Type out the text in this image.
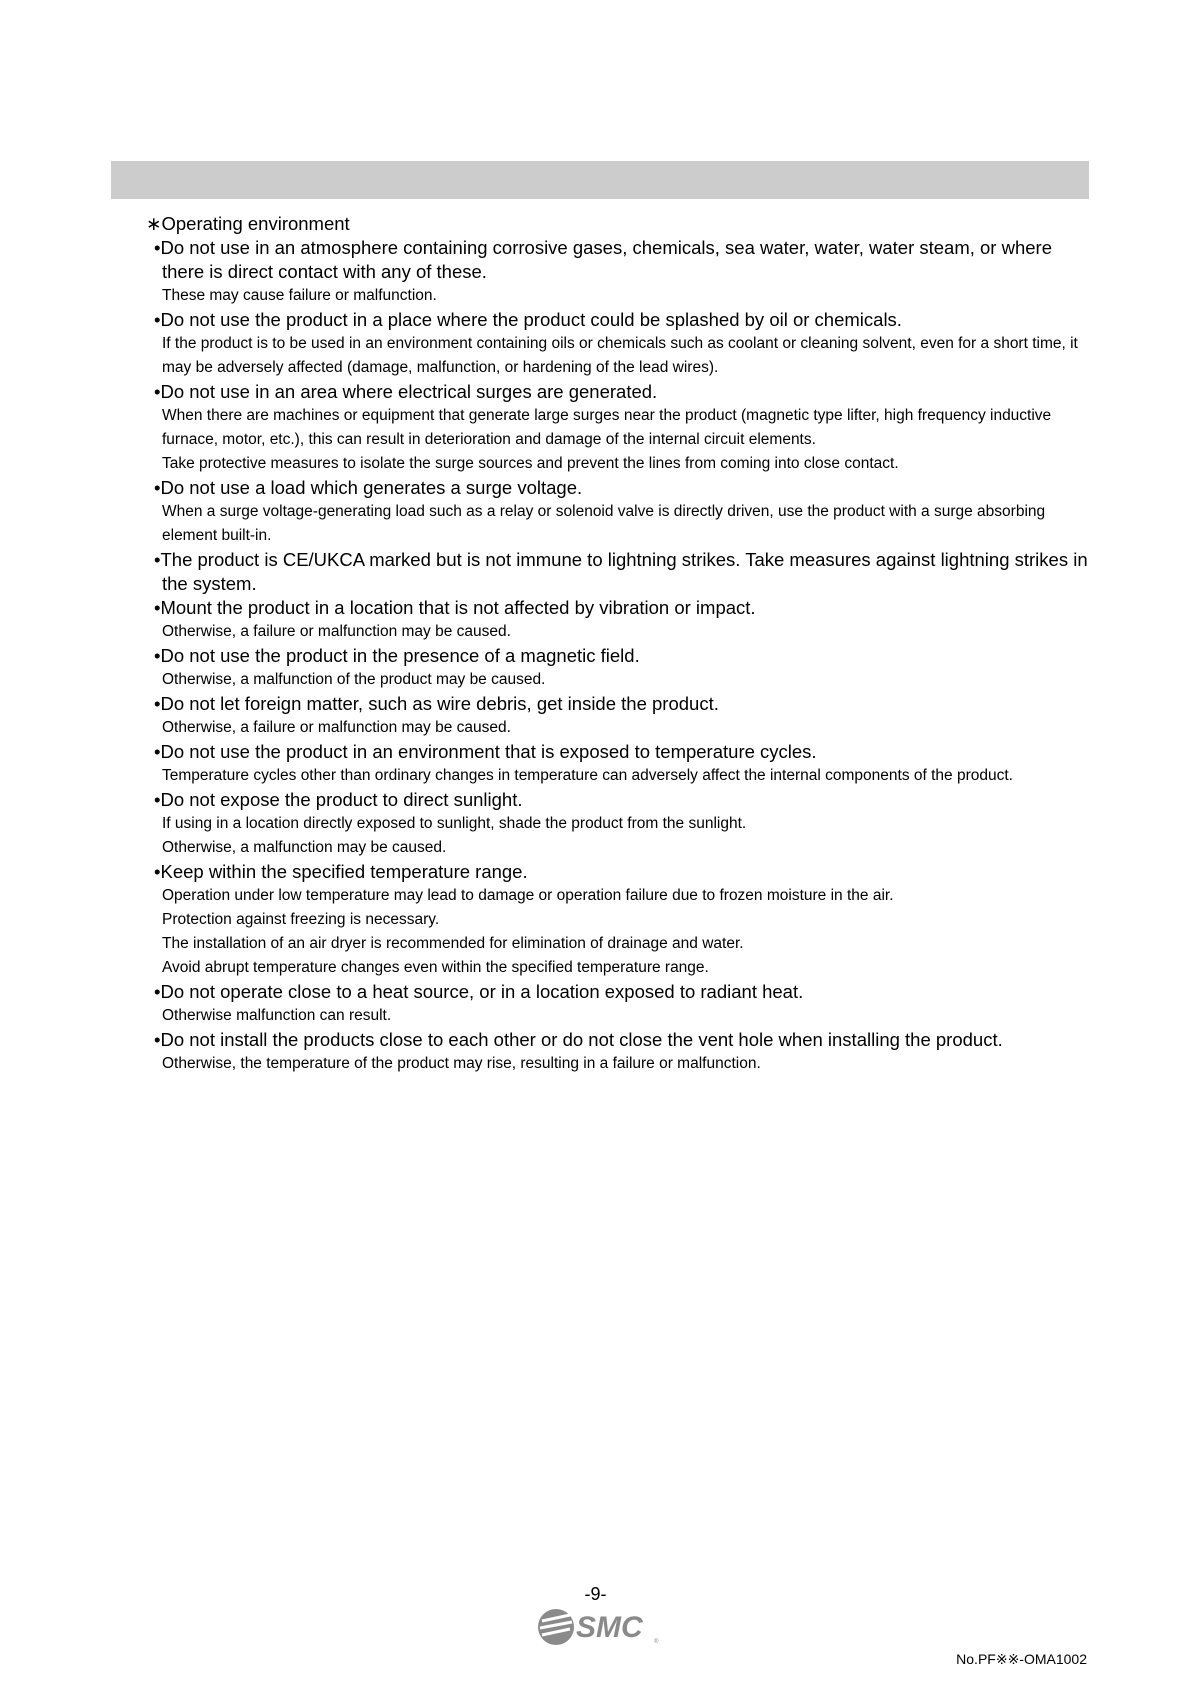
∗Operating environment
•Do not use in an atmosphere containing corrosive gases, chemicals, sea water, water, water steam, or where there is direct contact with any of these.
These may cause failure or malfunction.
•Do not use the product in a place where the product could be splashed by oil or chemicals.
If the product is to be used in an environment containing oils or chemicals such as coolant or cleaning solvent, even for a short time, it may be adversely affected (damage, malfunction, or hardening of the lead wires).
•Do not use in an area where electrical surges are generated.
When there are machines or equipment that generate large surges near the product (magnetic type lifter, high frequency inductive furnace, motor, etc.), this can result in deterioration and damage of the internal circuit elements.
Take protective measures to isolate the surge sources and prevent the lines from coming into close contact.
•Do not use a load which generates a surge voltage.
When a surge voltage-generating load such as a relay or solenoid valve is directly driven, use the product with a surge absorbing element built-in.
•The product is CE/UKCA marked but is not immune to lightning strikes. Take measures against lightning strikes in the system.
•Mount the product in a location that is not affected by vibration or impact.
Otherwise, a failure or malfunction may be caused.
•Do not use the product in the presence of a magnetic field.
Otherwise, a malfunction of the product may be caused.
•Do not let foreign matter, such as wire debris, get inside the product.
Otherwise, a failure or malfunction may be caused.
•Do not use the product in an environment that is exposed to temperature cycles.
Temperature cycles other than ordinary changes in temperature can adversely affect the internal components of the product.
•Do not expose the product to direct sunlight.
If using in a location directly exposed to sunlight, shade the product from the sunlight.
Otherwise, a malfunction may be caused.
•Keep within the specified temperature range.
Operation under low temperature may lead to damage or operation failure due to frozen moisture in the air.
Protection against freezing is necessary.
The installation of an air dryer is recommended for elimination of drainage and water.
Avoid abrupt temperature changes even within the specified temperature range.
•Do not operate close to a heat source, or in a location exposed to radiant heat.
Otherwise malfunction can result.
•Do not install the products close to each other or do not close the vent hole when installing the product.
Otherwise, the temperature of the product may rise, resulting in a failure or malfunction.
-9-
SMC ®
No.PF※※-OMA1002
